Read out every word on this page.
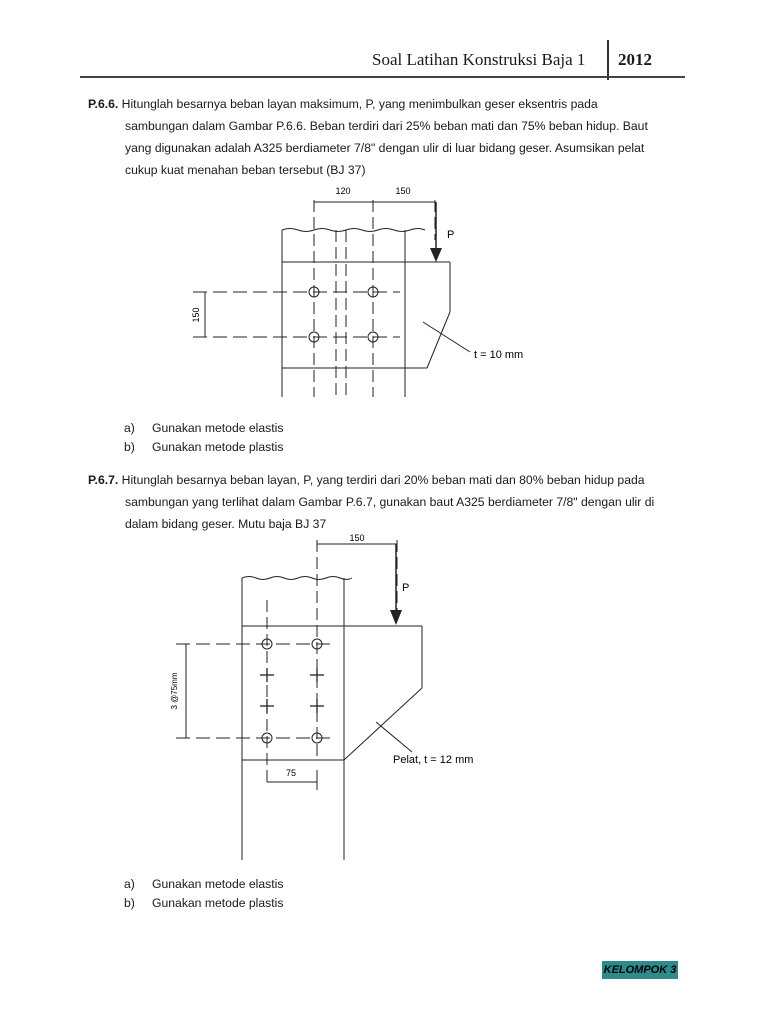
Soal Latihan Konstruksi Baja 1 2012
P.6.6. Hitunglah besarnya beban layan maksimum, P, yang menimbulkan geser eksentris pada
sambungan dalam Gambar P.6.6. Beban terdiri dari 25% beban mati dan 75% beban hidup. Baut
yang digunakan adalah A325 berdiameter 7/8" dengan ulir di luar bidang geser. Asumsikan pelat
cukup kuat menahan beban tersebut (BJ 37)
120	150
P
150
t = 10 mm
a)	Gunakan metode elastis
b)	Gunakan metode plastis
P.6.7. Hitunglah besarnya beban layan, P, yang terdiri dari 20% beban mati dan 80% beban hidup pada
sambungan yang terlihat dalam Gambar P.6.7, gunakan baut A325 berdiameter 7/8" dengan ulir di
dalam bidang geser. Mutu baja BJ 37
150
P
3 @75mm
75
Pelat, t = 12 mm
a)	Gunakan metode elastis
b)	Gunakan metode plastis
KELOMPOK 3
